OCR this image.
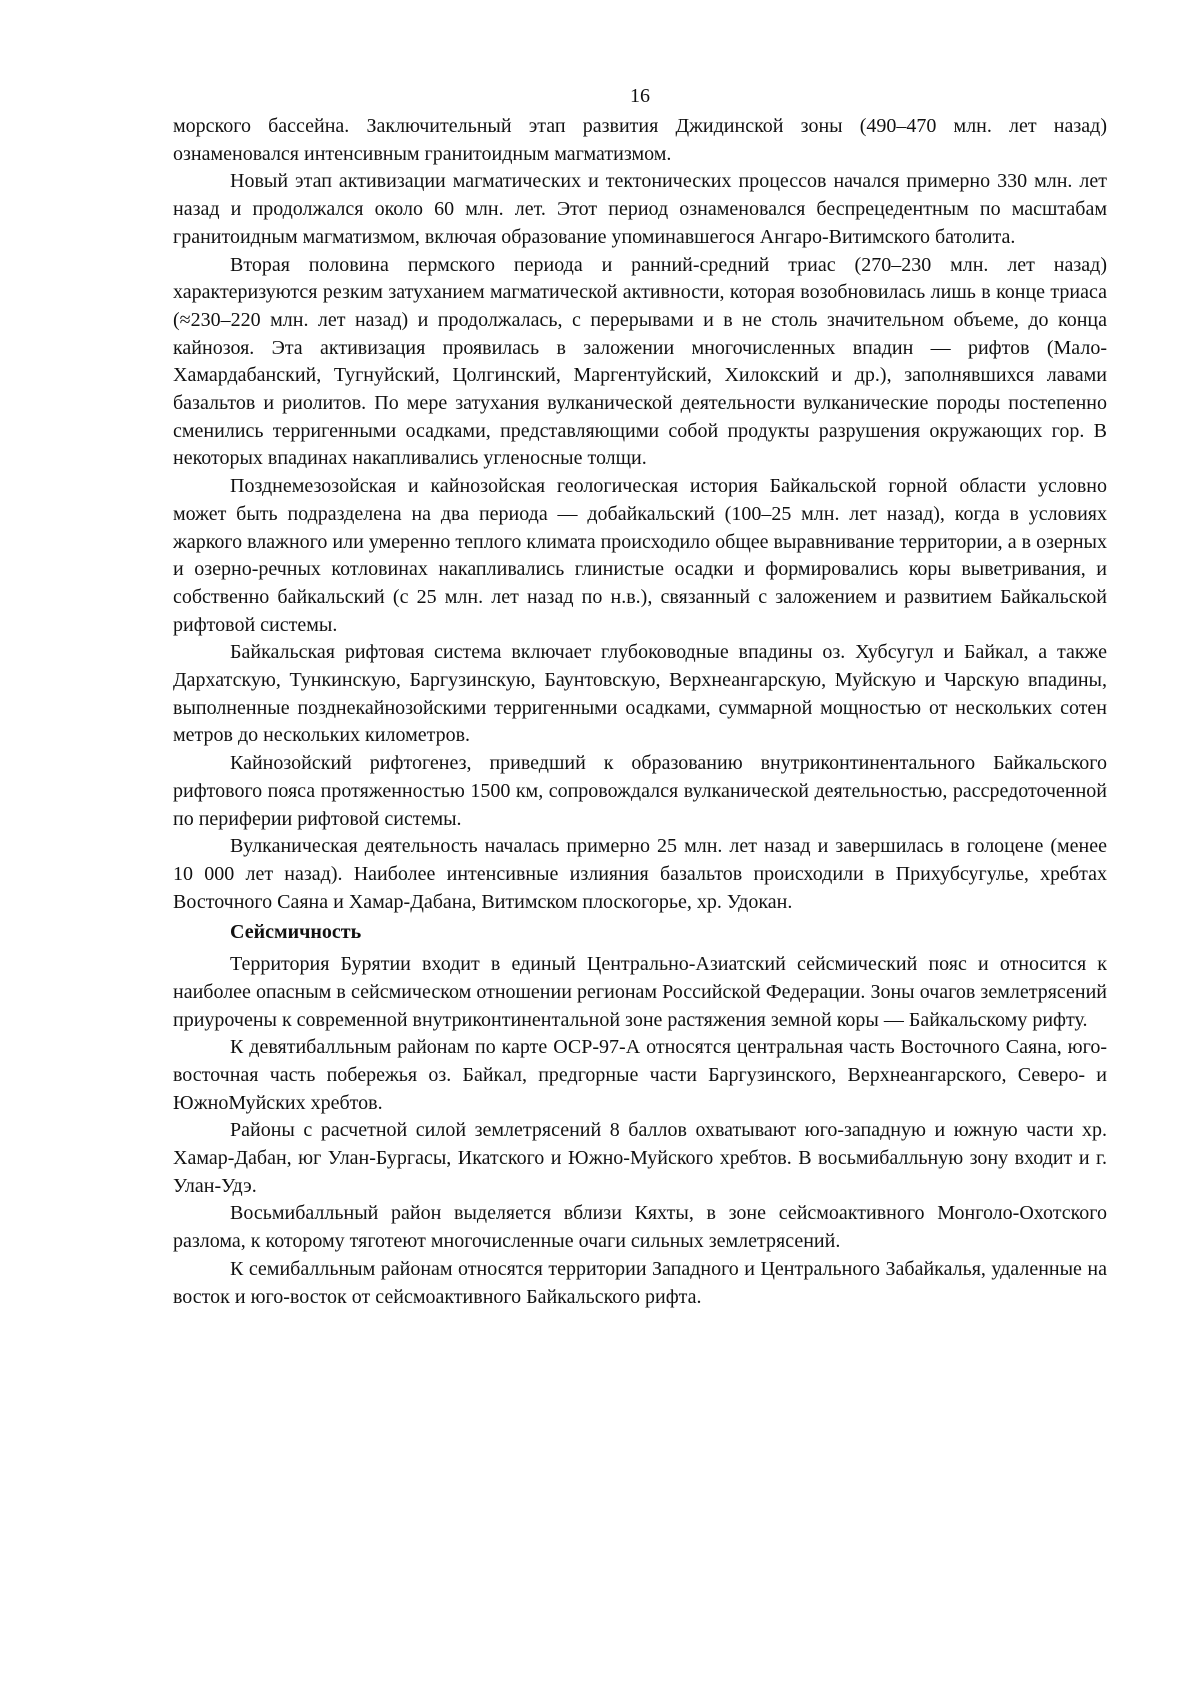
16

морского бассейна. Заключительный этап развития Джидинской зоны (490–470 млн. лет назад) ознаменовался интенсивным гранитоидным магматизмом.

Новый этап активизации магматических и тектонических процессов начался примерно 330 млн. лет назад и продолжался около 60 млн. лет. Этот период ознаменовался беспрецедентным по масштабам гранитоидным магматизмом, включая образование упоминавшегося Ангаро-Витимского батолита.

Вторая половина пермского периода и ранний-средний триас (270–230 млн. лет назад) характеризуются резким затуханием магматической активности, которая возобновилась лишь в конце триаса (≈230–220 млн. лет назад) и продолжалась, с перерывами и в не столь значительном объеме, до конца кайнозоя. Эта активизация проявилась в заложении многочисленных впадин — рифтов (Мало-Хамардабанский, Тугнуйский, Цолгинский, Маргентуйский, Хилокский и др.), заполнявшихся лавами базальтов и риолитов. По мере затухания вулканической деятельности вулканические породы постепенно сменились терригенными осадками, представляющими собой продукты разрушения окружающих гор. В некоторых впадинах накапливались угленосные толщи.

Позднемезозойская и кайнозойская геологическая история Байкальской горной области условно может быть подразделена на два периода — добайкальский (100–25 млн. лет назад), когда в условиях жаркого влажного или умеренно теплого климата происходило общее выравнивание территории, а в озерных и озерно-речных котловинах накапливались глинистые осадки и формировались коры выветривания, и собственно байкальский (с 25 млн. лет назад по н.в.), связанный с заложением и развитием Байкальской рифтовой системы.

Байкальская рифтовая система включает глубоководные впадины оз. Хубсугул и Байкал, а также Дархатскую, Тункинскую, Баргузинскую, Баунтовскую, Верхнеангарскую, Муйскую и Чарскую впадины, выполненные позднекайнозойскими терригенными осадками, суммарной мощностью от нескольких сотен метров до нескольких километров.

Кайнозойский рифтогенез, приведший к образованию внутриконтинентального Байкальского рифтового пояса протяженностью 1500 км, сопровождался вулканической деятельностью, рассредоточенной по периферии рифтовой системы.

Вулканическая деятельность началась примерно 25 млн. лет назад и завершилась в голоцене (менее 10 000 лет назад). Наиболее интенсивные излияния базальтов происходили в Прихубсугулье, хребтах Восточного Саяна и Хамар-Дабана, Витимском плоскогорье, хр. Удокан.

Сейсмичность

Территория Бурятии входит в единый Центрально-Азиатский сейсмический пояс и относится к наиболее опасным в сейсмическом отношении регионам Российской Федерации. Зоны очагов землетрясений приурочены к современной внутриконтинентальной зоне растяжения земной коры — Байкальскому рифту.

К девятибалльным районам по карте ОСР-97-А относятся центральная часть Восточного Саяна, юго-восточная часть побережья оз. Байкал, предгорные части Баргузинского, Верхнеангарского, Северо- и ЮжноМуйских хребтов.

Районы с расчетной силой землетрясений 8 баллов охватывают юго-западную и южную части хр. Хамар-Дабан, юг Улан-Бургасы, Икатского и Южно-Муйского хребтов. В восьмибалльную зону входит и г. Улан-Удэ.

Восьмибалльный район выделяется вблизи Кяхты, в зоне сейсмоактивного Монголо-Охотского разлома, к которому тяготеют многочисленные очаги сильных землетрясений.

К семибалльным районам относятся территории Западного и Центрального Забайкалья, удаленные на восток и юго-восток от сейсмоактивного Байкальского рифта.
